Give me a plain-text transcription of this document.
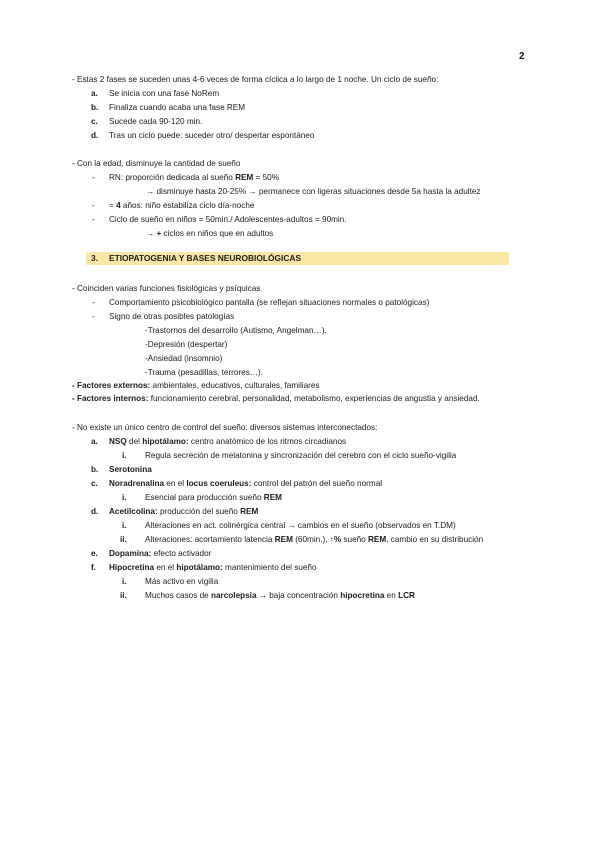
2
- Estas 2 fases se suceden unas 4-6 veces de forma cíclica a lo largo de 1 noche. Un ciclo de sueño:
a. Se inicia con una fase NoRem
b. Finaliza cuando acaba una fase REM
c. Sucede cada 90-120 min.
d. Tras un ciclo puede: suceder otro/ despertar espontáneo
- Con la edad, disminuye la cantidad de sueño
- RN: proporción dedicada al sueño REM = 50%
→ disminuye hasta 20-25% → permanece con ligeras situaciones desde 5a hasta la adultez
- = 4 años: niño estabiliza ciclo día-noche
- Ciclo de sueño en niños = 50min./ Adolescentes-adultos = 90min.
→ + ciclos en niños que en adultos
3. ETIOPATOGENIA Y BASES NEUROBIOLÓGICAS
- Coinciden varias funciones fisiológicas y psíquicas
- Comportamiento psicobiológico pantalla (se reflejan situaciones normales o patológicas)
- Signo de otras posibles patologías
-Trastornos del desarrollo (Autismo, Angelman…).
-Depresión (despertar)
-Ansiedad (insomnio)
-Trauma (pesadillas, terrores…).
- Factores externos: ambientales, educativos, culturales, familiares
- Factores internos: funcionamiento cerebral, personalidad, metabolismo, experiencias de angustia y ansiedad.
- No existe un único centro de control del sueño: diversos sistemas interconectados:
a. NSQ del hipotálamo: centro anatómico de los ritmos circadianos
i. Regula secreción de melatonina y sincronización del cerebro con el ciclo sueño-vigilia
b. Serotonina
c. Noradrenalina en el locus coeruleus: control del patrón del sueño normal
i. Esencial para producción sueño REM
d. Acetilcolina: producción del sueño REM
i. Alteraciones en act. colinérgica central → cambios en el sueño (observados en T.DM)
ii. Alteraciones: acortamiento latencia REM (60min.), ↑% sueño REM, cambio en su distribución
e. Dopamina: efecto activador
f. Hipocretina en el hipotálamo: mantenimiento del sueño
i. Más activo en vigilia
ii. Muchos casos de narcolepsia → baja concentración hipocretina en LCR
